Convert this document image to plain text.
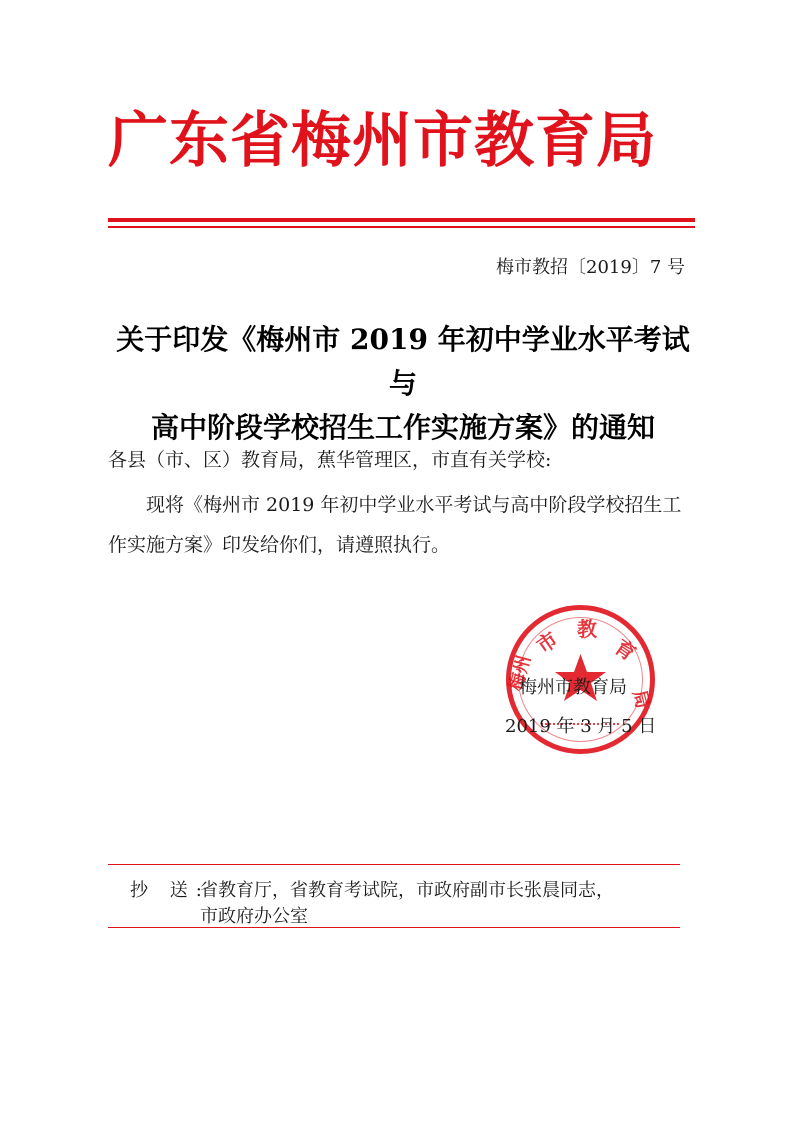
广东省梅州市教育局
梅市教招〔2019〕7 号
关于印发《梅州市 2019 年初中学业水平考试与
高中阶段学校招生工作实施方案》的通知
各县（市、区）教育局，蕉华管理区，市直有关学校:
现将《梅州市 2019 年初中学业水平考试与高中阶段学校招生工作实施方案》印发给你们，请遵照执行。
市 教
育
梅州
局
梅州市教育局
2019 年 3 月 5 日
抄 送:
省教育厅，省教育考试院，市政府副市长张晨同志，
市政府办公室
